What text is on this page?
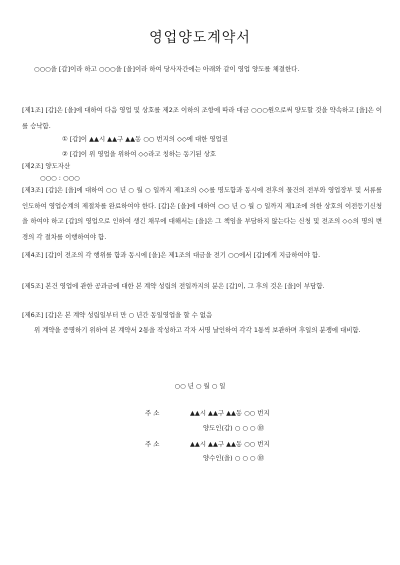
영업양도계약서
○○○을 [갑]이라 하고 ○○○을 [을]이라 하여 당사자간에는 아래와 같이 영업 양도를 체결한다.
[제1조] [갑]은 [을]에 대하여 다음 영업 및 상호를 제2조 이하의 조항에 따라 대금 ○○○원으로써 양도할 것을 약속하고 [을]은 이를 승낙함.
① [갑]이 ▲▲시 ▲▲구 ▲▲동 ○○ 번지의 ◇◇에 대한 영업권
② [갑]이 위 영업을 위하여 ◇◇라고 칭하는 동기된 상호
[제2조] 양도자산
○○○ : ○○○
[제3조] [갑]은 [을]에 대하여 ○○ 년 ○ 월 ○ 일까지 제1조의 ◇◇를 명도함과 동시에 전후의 물건의 전부와 영업장부 및 서류를 인도하여 영업승계의 제절차를 완료하여야 한다. [갑]은 [을]에 대하여 ○○ 년 ○ 월 ○ 일까지 제1조에 의한 상호의 이전등기신청을 하여야 하고 [갑]의 영업으로 인하여 생긴 채무에 대해서는 [을]은 그 책임을 부담하지 않는다는 신청 및 전조의 ◇◇의 명의 변경의 각 절차를 이행하여야 함.
[제4조] [갑]이 전조의 각 행위를 함과 동시에 [을]은 제1조의 대금을 전기 ○○에서 [갑]에게 지급하여야 함.
[제5조] 본건 영업에 관한 공과금에 대한 본 계약 성립의 전일까지의 분은 [갑]이, 그 후의 것은 [을]이 부담함.
[제6조] [갑]은 본 계약 성립일부터 만 ○ 년간 동일영업을 할 수 없음
위 계약을 증명하기 위하여 본 계약서 2통을 작성하고 각자 서명 날인하여 각각 1통씩 보관하며 후일의 분쟁에 대비함.
○○ 년 ○ 월 ○ 일
주 소	▲▲시 ▲▲구 ▲▲동 ○○ 번지
양도인(갑) ○ ○ ○ ㊞
주 소	▲▲시 ▲▲구 ▲▲동 ○○ 번지
양수인(을) ○ ○ ○ ㊞
